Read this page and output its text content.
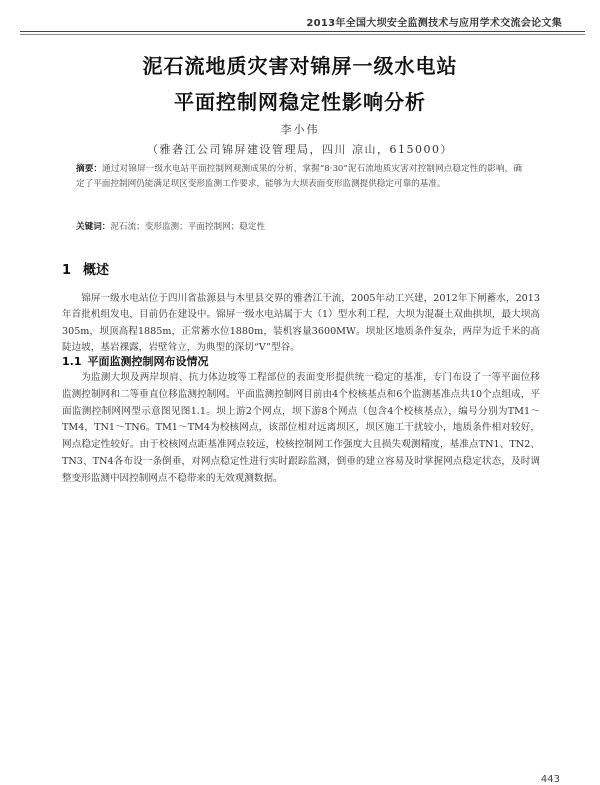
2013年全国大坝安全监测技术与应用学术交流会论文集
泥石流地质灾害对锦屏一级水电站
平面控制网稳定性影响分析
李小伟
（雅砻江公司锦屏建设管理局，四川 凉山，615000）
摘要：通过对锦屏一级水电站平面控制网观测成果的分析，掌握“8·30”泥石流地质灾害对控制网点稳定性的影响，确定了平面控制网仍能满足坝区变形监测工作要求，能够为大坝表面变形监测提供稳定可靠的基准。
关键词：泥石流；变形监测；平面控制网；稳定性
1 概述
锦屏一级水电站位于四川省盐源县与木里县交界的雅砻江干流，2005年动工兴建，2012年下闸蓄水，2013年首批机组发电，目前仍在建设中。锦屏一级水电站属于大（1）型水利工程，大坝为混凝土双曲拱坝，最大坝高305m，坝顶高程1885m，正常蓄水位1880m，装机容量3600MW。坝址区地质条件复杂，两岸为近千米的高陡边坡，基岩裸露，岩壁耸立，为典型的深切“V”型谷。
1.1 平面监测控制网布设情况
为监测大坝及两岸坝肩、抗力体边坡等工程部位的表面变形提供统一稳定的基准，专门布设了一等平面位移监测控制网和二等垂直位移监测控制网。平面监测控制网目前由4个校核基点和6个监测基准点共10个点组成，平面监测控制网网型示意图见图1.1。坝上游2个网点，坝下游8个网点（包含4个校核基点），编号分别为TM1～TM4，TN1～TN6。TM1～TM4为校核网点，该部位相对远离坝区，坝区施工干扰较小，地质条件相对较好，网点稳定性较好。由于校核网点距基准网点较远，校核控制网工作强度大且损失观测精度，基准点TN1、TN2、TN3、TN4各布设一条倒垂，对网点稳定性进行实时跟踪监测，倒垂的建立容易及时掌握网点稳定状态，及时调整变形监测中因控制网点不稳带来的无效观测数据。
443
